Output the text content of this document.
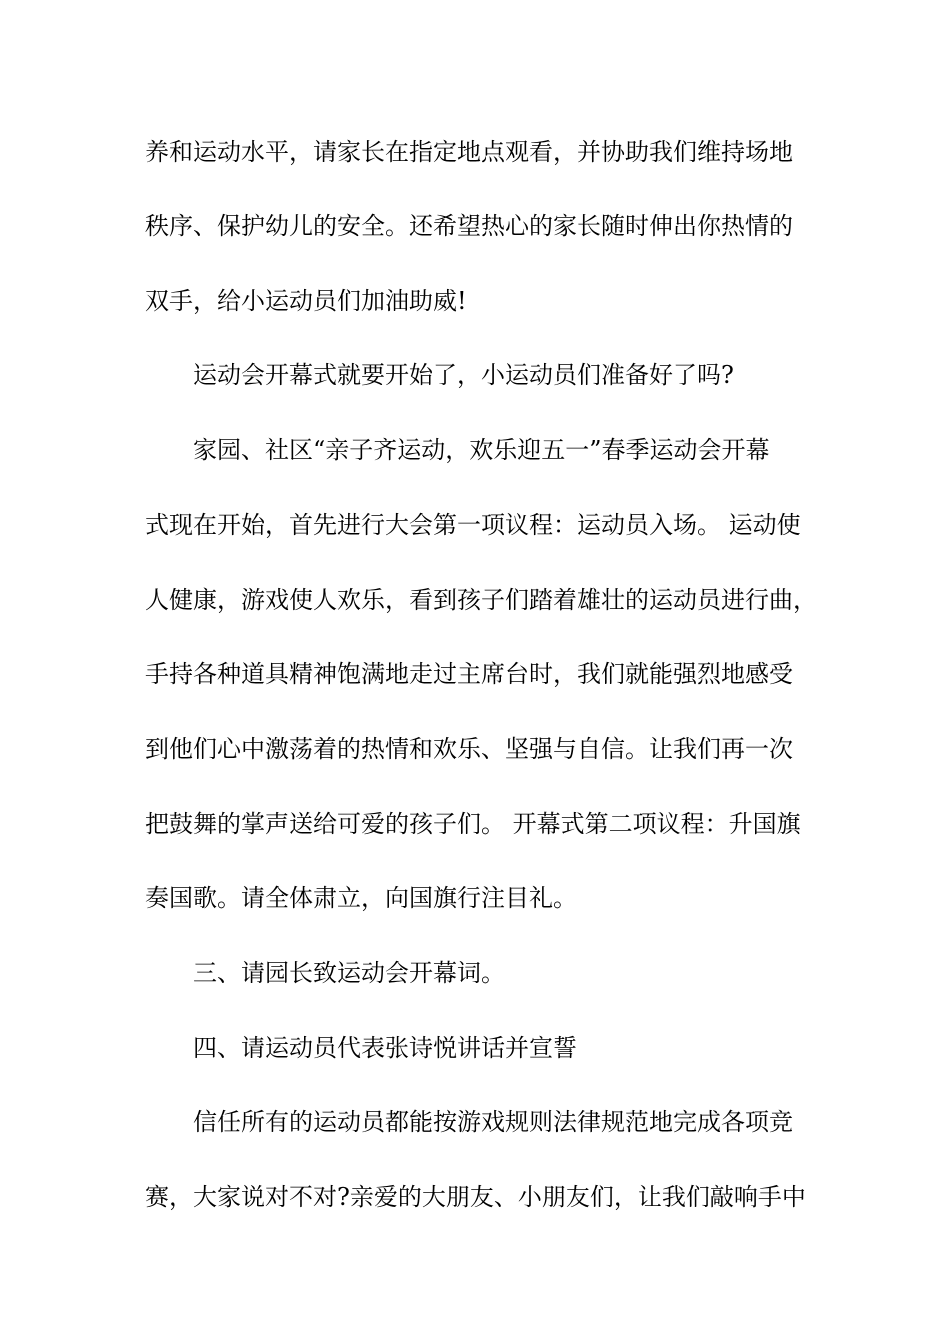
养和运动水平，请家长在指定地点观看，并协助我们维持场地
秩序、保护幼儿的安全。还希望热心的家长随时伸出你热情的
双手，给小运动员们加油助威!
运动会开幕式就要开始了，小运动员们准备好了吗?
家园、社区“亲子齐运动，欢乐迎五一”春季运动会开幕
式现在开始，首先进行大会第一项议程：运动员入场。 运动使
人健康，游戏使人欢乐，看到孩子们踏着雄壮的运动员进行曲，
手持各种道具精神饱满地走过主席台时，我们就能强烈地感受
到他们心中激荡着的热情和欢乐、坚强与自信。让我们再一次
把鼓舞的掌声送给可爱的孩子们。 开幕式第二项议程：升国旗
奏国歌。请全体肃立，向国旗行注目礼。
三、请园长致运动会开幕词。
四、请运动员代表张诗悦讲话并宣誓
信任所有的运动员都能按游戏规则法律规范地完成各项竞
赛，大家说对不对?亲爱的大朋友、小朋友们，让我们敲响手中
